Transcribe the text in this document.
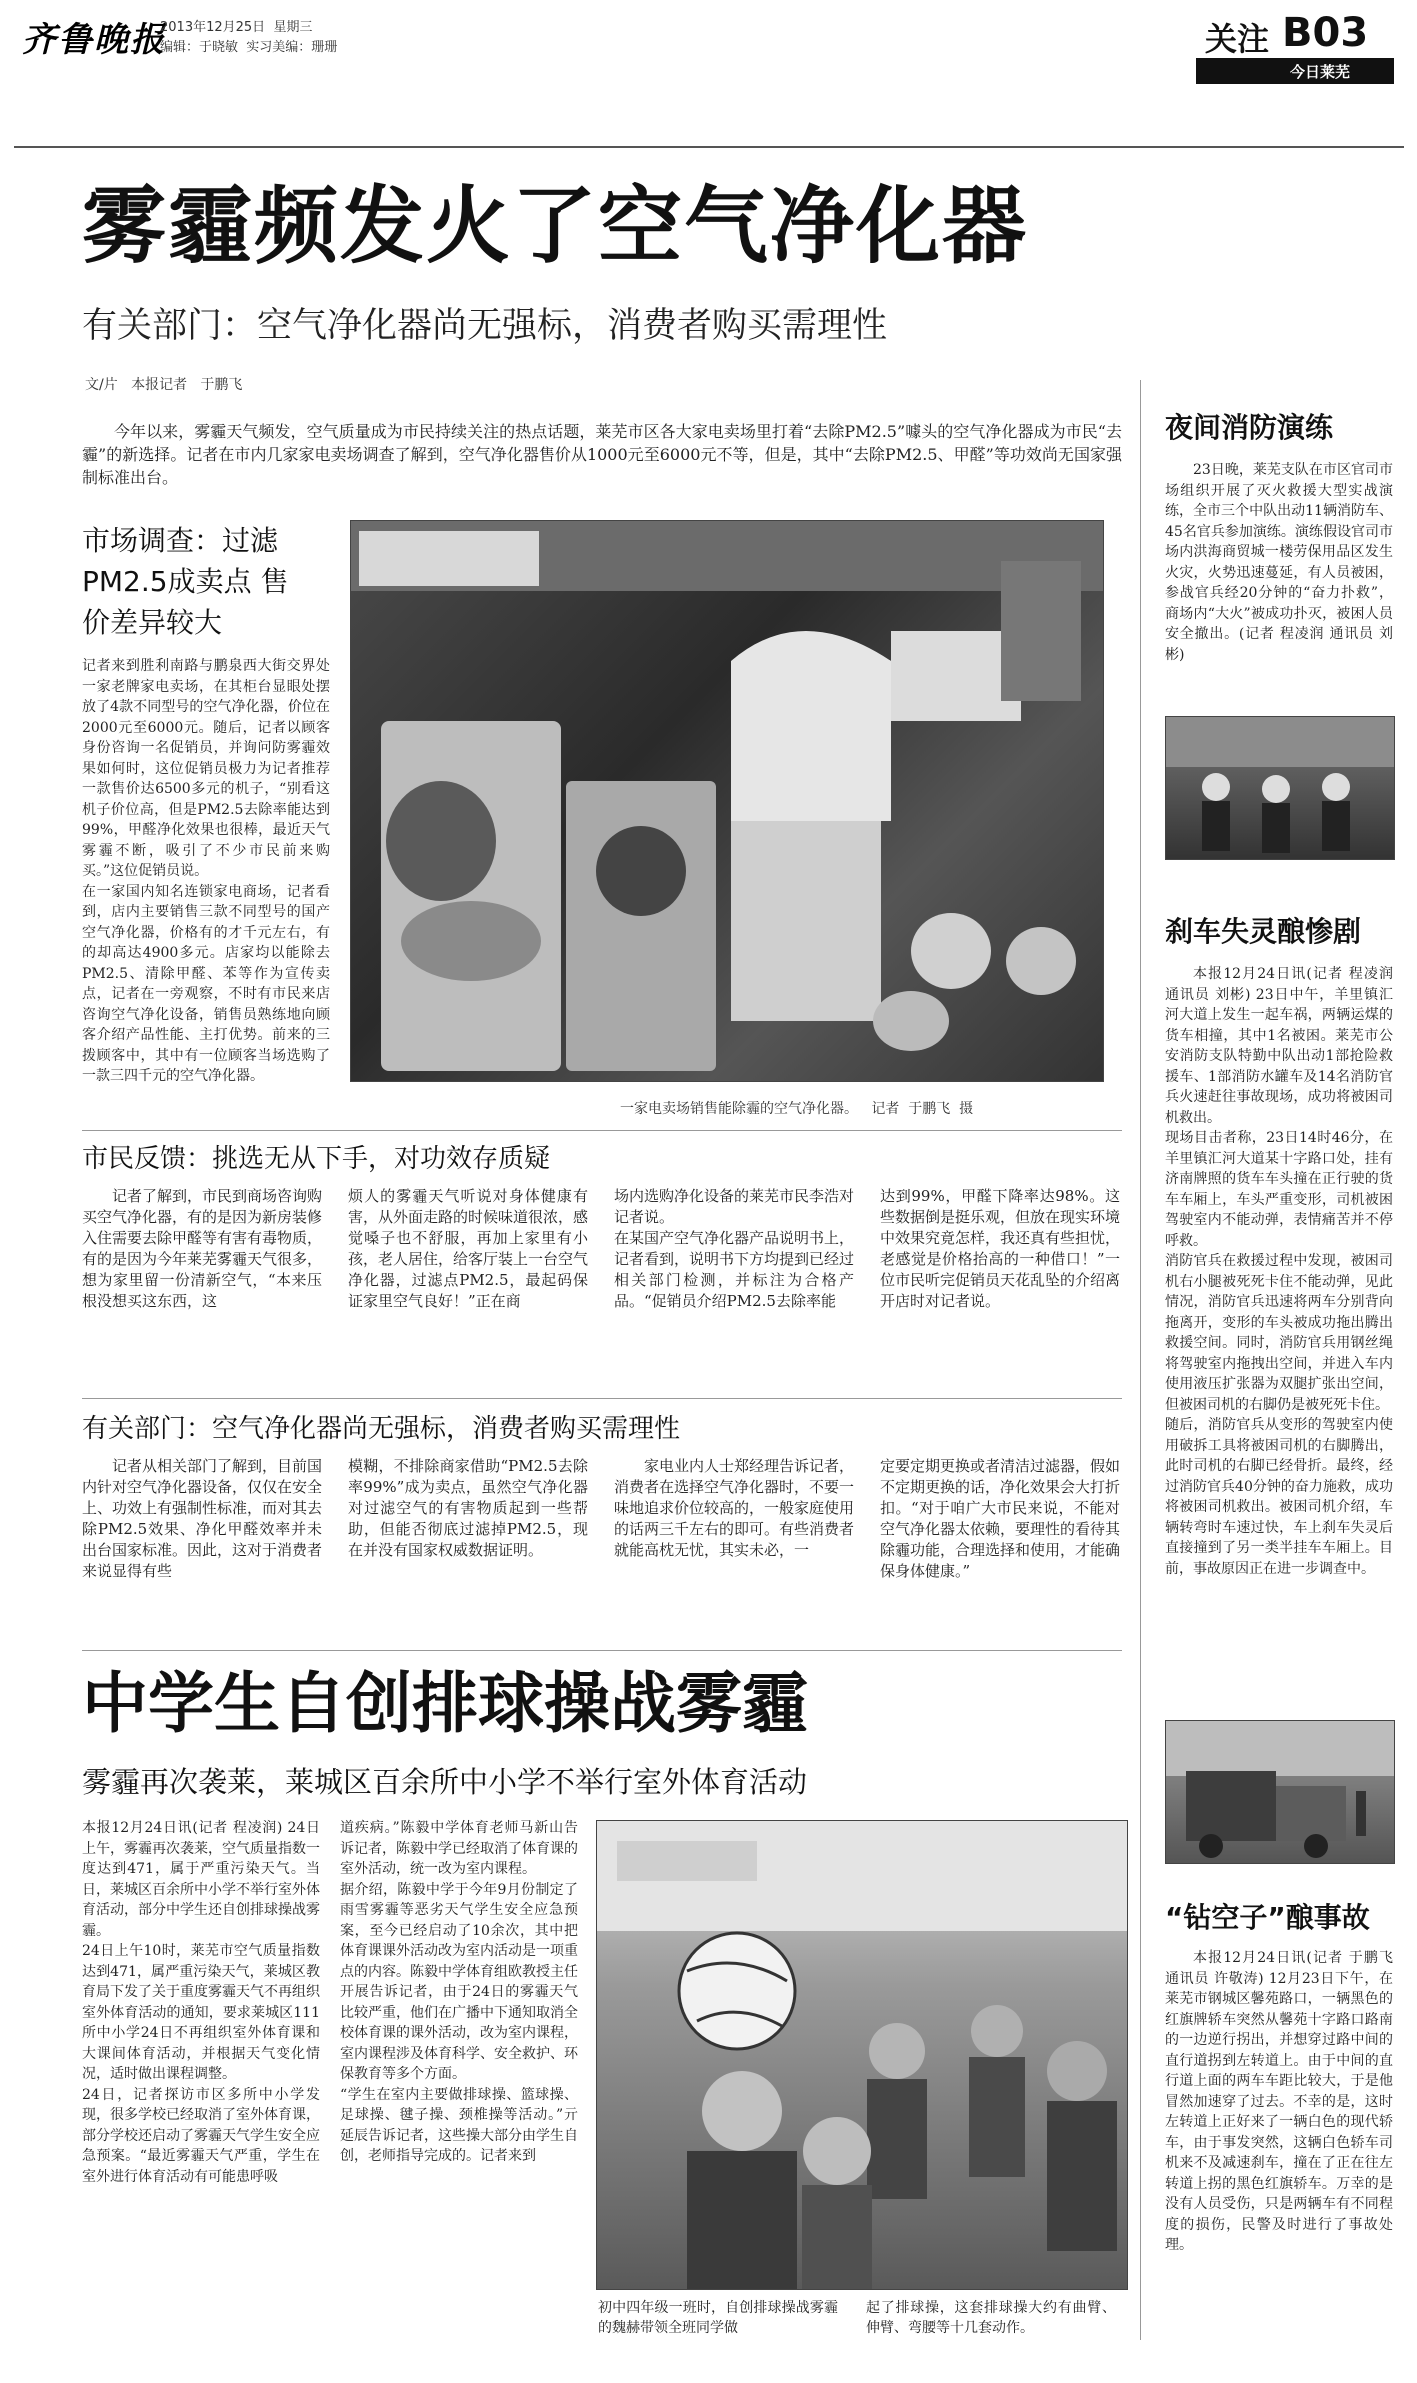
齐鲁晚报
2013年12月25日 星期三
编辑：于晓敏 实习美编：珊珊	关注 B03
今日莱芜
雾霾频发火了空气净化器
有关部门：空气净化器尚无强标，消费者购买需理性
文/片   本报记者   于鹏飞

今年以来，雾霾天气频发，空气质量成为市民持续关注的热点话题，莱芜市区各大家电卖场里打着“去除PM2.5”噱头的空气净化器成为市民“去霾”的新选择。记者在市内几家家电卖场调查了解到，空气净化器售价从1000元至6000元不等，但是，其中“去除PM2.5、甲醛”等功效尚无国家强制标准出台。

市场调查：过滤PM2.5成卖点 售价差异较大

记者来到胜利南路与鹏泉西大街交界处一家老牌家电卖场，在其柜台显眼处摆放了4款不同型号的空气净化器，价位在2000元至6000元。随后，记者以顾客身份咨询一名促销员，并询问防雾霾效果如何时，这位促销员极力为记者推荐一款售价达6500多元的机子，“别看这机子价位高，但是PM2.5去除率能达到99%，甲醛净化效果也很棒，最近天气雾霾不断，吸引了不少市民前来购买。”这位促销员说。
在一家国内知名连锁家电商场，记者看到，店内主要销售三款不同型号的国产空气净化器，价格有的才千元左右，有的却高达4900多元。店家均以能除去PM2.5、清除甲醛、苯等作为宣传卖点，记者在一旁观察，不时有市民来店咨询空气净化设备，销售员熟练地向顾客介绍产品性能、主打优势。前来的三拨顾客中，其中有一位顾客当场选购了一款三四千元的空气净化器。

一家电卖场销售能除霾的空气净化器。   记者  于鹏飞  摄
市民反馈：挑选无从下手，对功效存质疑

记者了解到，市民到商场咨询购买空气净化器，有的是因为新房装修入住需要去除甲醛等有害有毒物质，有的是因为今年莱芜雾霾天气很多，想为家里留一份清新空气，“本来压根没想买这东西，这

烦人的雾霾天气听说对身体健康有害，从外面走路的时候味道很浓，感觉嗓子也不舒服，再加上家里有小孩，老人居住，给客厅装上一台空气净化器，过滤点PM2.5，最起码保证家里空气良好！”正在商

场内选购净化设备的莱芜市民李浩对记者说。
在某国产空气净化器产品说明书上，记者看到，说明书下方均提到已经过相关部门检测，并标注为合格产品。“促销员介绍PM2.5去除率能

达到99%，甲醛下降率达98%。这些数据倒是挺乐观，但放在现实环境中效果究竟怎样，我还真有些担忧，老感觉是价格抬高的一种借口！”一位市民听完促销员天花乱坠的介绍离开店时对记者说。

有关部门：空气净化器尚无强标，消费者购买需理性

记者从相关部门了解到，目前国内针对空气净化器设备，仅仅在安全上、功效上有强制性标准，而对其去除PM2.5效果、净化甲醛效率并未出台国家标准。因此，这对于消费者来说显得有些

模糊，不排除商家借助“PM2.5去除率99%”成为卖点，虽然空气净化器对过滤空气的有害物质起到一些帮助，但能否彻底过滤掉PM2.5，现在并没有国家权威数据证明。

家电业内人士郑经理告诉记者，消费者在选择空气净化器时，不要一味地追求价位较高的，一般家庭使用的话两三千左右的即可。有些消费者就能高枕无忧，其实未必，一

定要定期更换或者清洁过滤器，假如不定期更换的话，净化效果会大打折扣。“对于咱广大市民来说，不能对空气净化器太依赖，要理性的看待其除霾功能，合理选择和使用，才能确保身体健康。”

中学生自创排球操战雾霾
雾霾再次袭莱，莱城区百余所中小学不举行室外体育活动

本报12月24日讯(记者 程凌润) 24日上午，雾霾再次袭莱，空气质量指数一度达到471，属于严重污染天气。当日，莱城区百余所中小学不举行室外体育活动，部分中学生还自创排球操战雾霾。
24日上午10时，莱芜市空气质量指数达到471，属严重污染天气，莱城区教育局下发了关于重度雾霾天气不再组织室外体育活动的通知，要求莱城区111所中小学24日不再组织室外体育课和大课间体育活动，并根据天气变化情况，适时做出课程调整。
24日，记者探访市区多所中小学发现，很多学校已经取消了室外体育课，部分学校还启动了雾霾天气学生安全应急预案。“最近雾霾天气严重，学生在室外进行体育活动有可能患呼吸

道疾病。”陈毅中学体育老师马新山告诉记者，陈毅中学已经取消了体育课的室外活动，统一改为室内课程。
据介绍，陈毅中学于今年9月份制定了雨雪雾霾等恶劣天气学生安全应急预案，至今已经启动了10余次，其中把体育课课外活动改为室内活动是一项重点的内容。陈毅中学体育组欧教授主任开展告诉记者，由于24日的雾霾天气比较严重，他们在广播中下通知取消全校体育课的课外活动，改为室内课程，室内课程涉及体育科学、安全救护、环保教育等多个方面。
“学生在室内主要做排球操、篮球操、足球操、毽子操、颈椎操等活动。”亓延辰告诉记者，这些操大部分由学生自创，老师指导完成的。记者来到

初中四年级一班时，自创排球操战雾霾的魏赫带领全班同学做
起了排球操，这套排球操大约有曲臂、伸臂、弯腰等十几套动作。
夜间消防演练

23日晚，莱芜支队在市区官司市场组织开展了灭火救援大型实战演练，全市三个中队出动11辆消防车、45名官兵参加演练。演练假设官司市场内洪海商贸城一楼劳保用品区发生火灾，火势迅速蔓延，有人员被困，参战官兵经20分钟的“奋力扑救”，商场内“大火”被成功扑灭，被困人员安全撤出。(记者 程凌润 通讯员 刘彬)

刹车失灵酿惨剧

本报12月24日讯(记者 程凌润 通讯员 刘彬) 23日中午，羊里镇汇河大道上发生一起车祸，两辆运煤的货车相撞，其中1名被困。莱芜市公安消防支队特勤中队出动1部抢险救援车、1部消防水罐车及14名消防官兵火速赶往事故现场，成功将被困司机救出。
现场目击者称，23日14时46分，在羊里镇汇河大道某十字路口处，挂有济南牌照的货车车头撞在正行驶的货车车厢上，车头严重变形，司机被困驾驶室内不能动弹，表情痛苦并不停呼救。
消防官兵在救援过程中发现，被困司机右小腿被死死卡住不能动弹，见此情况，消防官兵迅速将两车分别背向拖离开，变形的车头被成功拖出腾出救援空间。同时，消防官兵用钢丝绳将驾驶室内拖拽出空间，并进入车内使用液压扩张器为双腿扩张出空间，但被困司机的右脚仍是被死死卡住。
随后，消防官兵从变形的驾驶室内使用破拆工具将被困司机的右脚腾出，此时司机的右脚已经骨折。最终，经过消防官兵40分钟的奋力施救，成功将被困司机救出。被困司机介绍，车辆转弯时车速过快，车上刹车失灵后直接撞到了另一类半挂车车厢上。目前，事故原因正在进一步调查中。

“钻空子”酿事故

本报12月24日讯(记者 于鹏飞 通讯员 许敬涛) 12月23日下午，在莱芜市钢城区馨苑路口，一辆黑色的红旗牌轿车突然从馨苑十字路口路南的一边逆行拐出，并想穿过路中间的直行道拐到左转道上。由于中间的直行道上面的两车车距比较大，于是他冒然加速穿了过去。不幸的是，这时左转道上正好来了一辆白色的现代轿车，由于事发突然，这辆白色轿车司机来不及减速刹车，撞在了正在往左转道上拐的黑色红旗轿车。万幸的是没有人员受伤，只是两辆车有不同程度的损伤，民警及时进行了事故处理。
